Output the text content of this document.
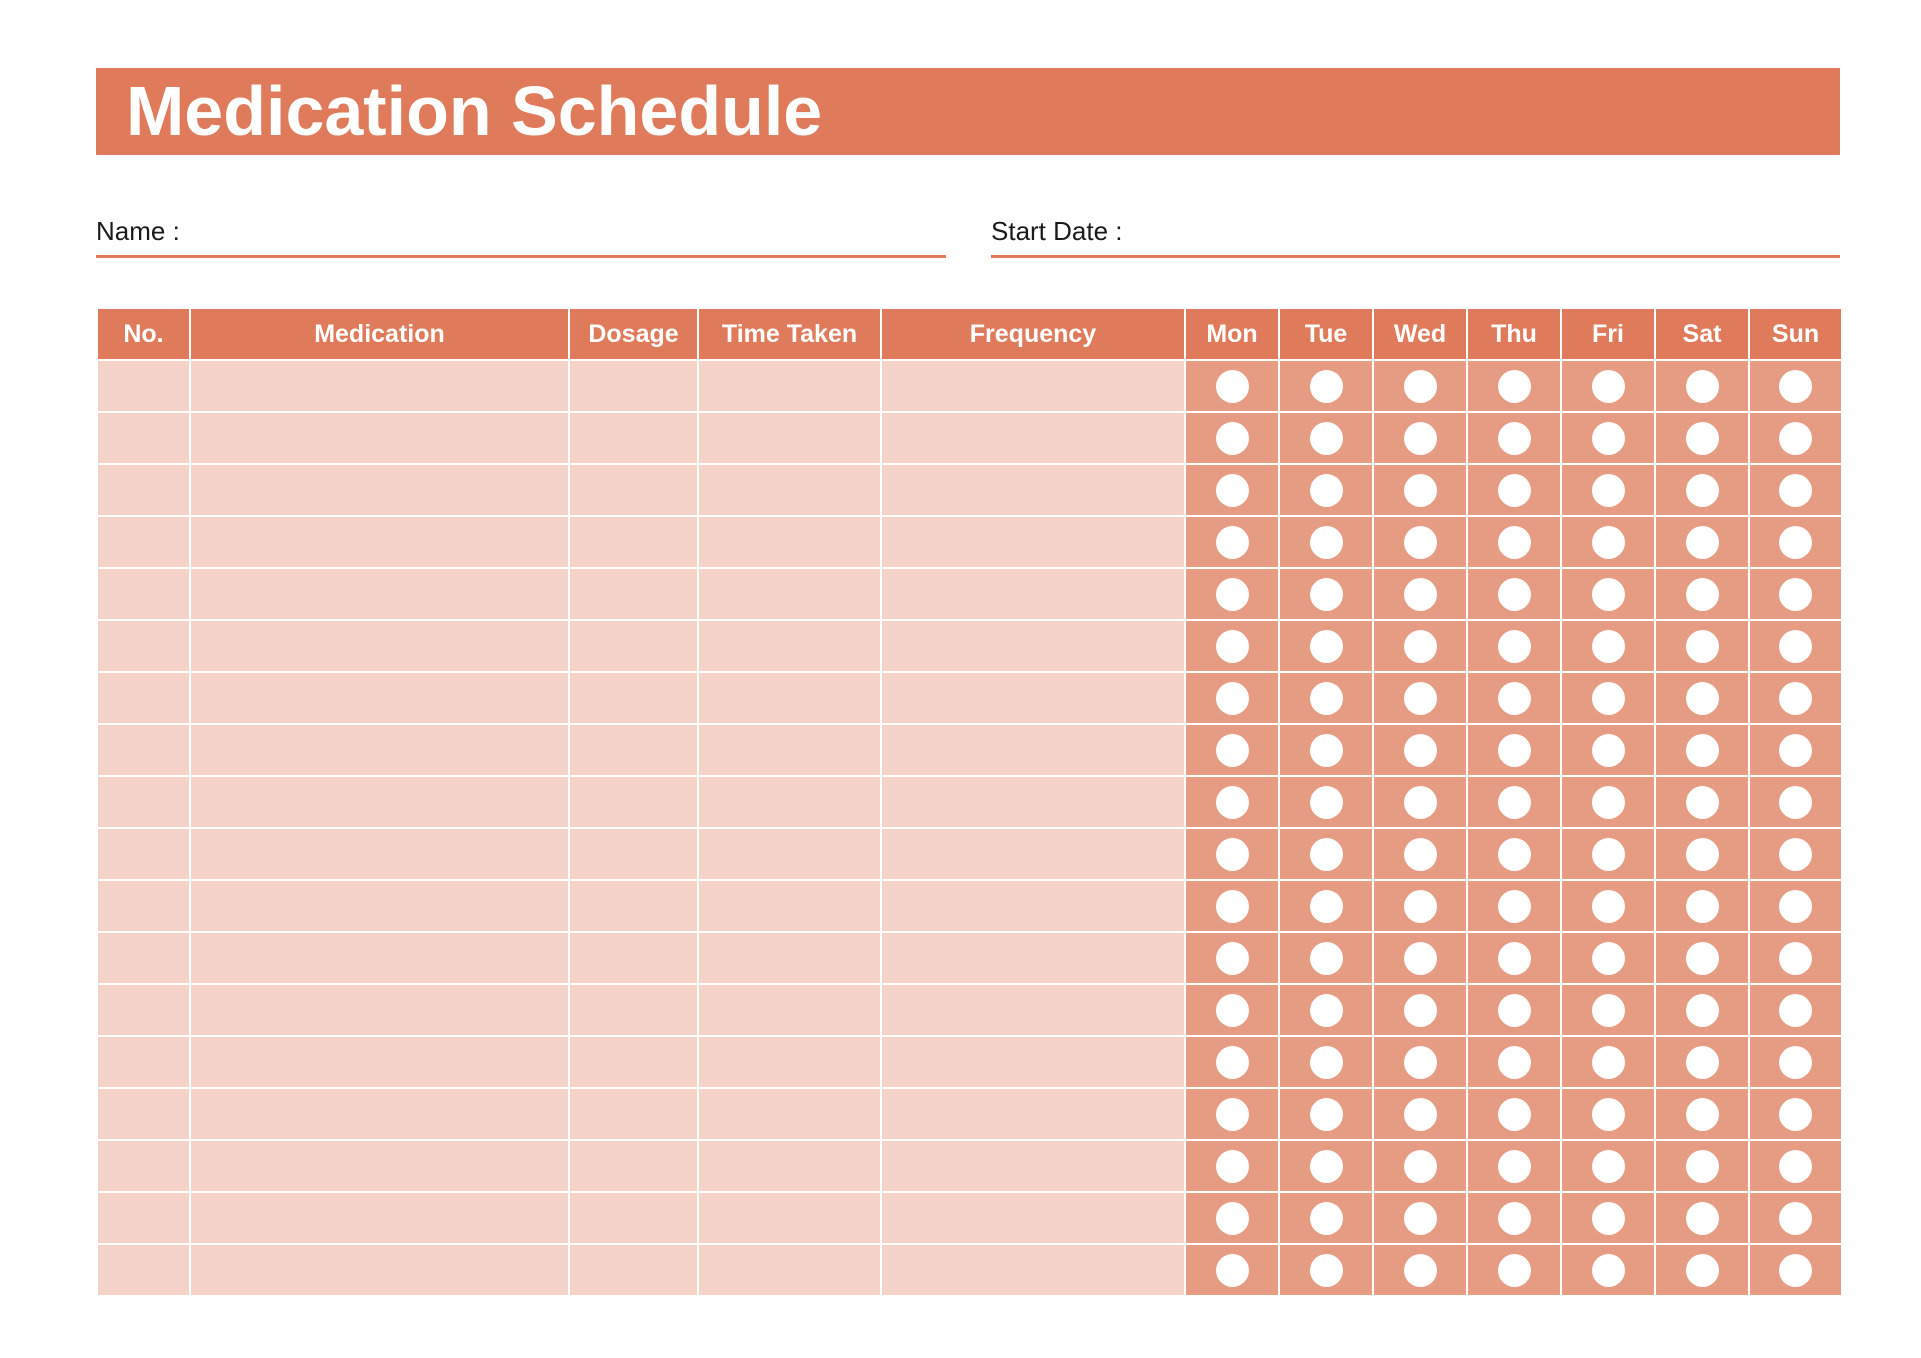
Medication Schedule
Name :	Start Date :
No.	Medication	Dosage	Time Taken	Frequency	Mon	Tue	Wed	Thu	Fri	Sat	Sun
